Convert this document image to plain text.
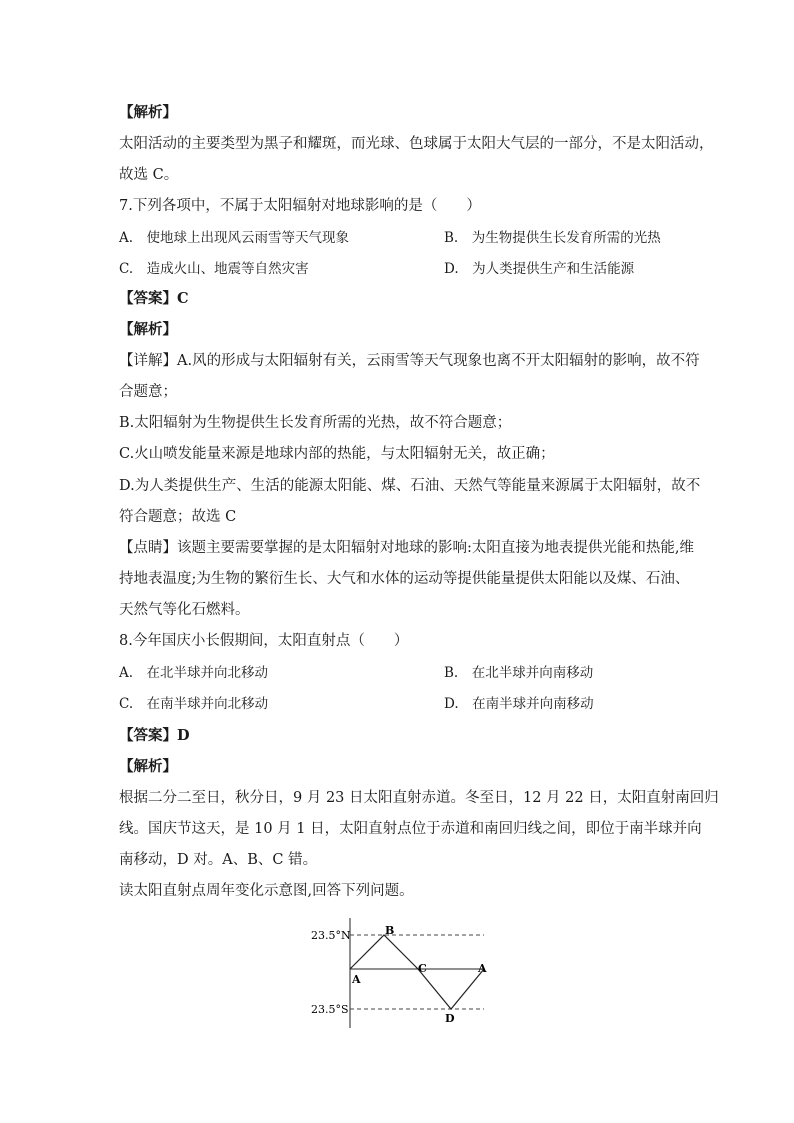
【解析】
太阳活动的主要类型为黑子和耀斑，而光球、色球属于太阳大气层的一部分，不是太阳活动，
故选 C。
7.下列各项中，不属于太阳辐射对地球影响的是（　　）
A.　使地球上出现风云雨雪等天气现象	B.　为生物提供生长发育所需的光热
C.　造成火山、地震等自然灾害	D.　为人类提供生产和生活能源
【答案】C
【解析】
【详解】A.风的形成与太阳辐射有关，云雨雪等天气现象也离不开太阳辐射的影响，故不符
合题意；
B.太阳辐射为生物提供生长发育所需的光热，故不符合题意；
C.火山喷发能量来源是地球内部的热能，与太阳辐射无关，故正确；
D.为人类提供生产、生活的能源太阳能、煤、石油、天然气等能量来源属于太阳辐射，故不
符合题意；故选 C
【点睛】该题主要需要掌握的是太阳辐射对地球的影响:太阳直接为地表提供光能和热能,维
持地表温度;为生物的繁衍生长、大气和水体的运动等提供能量提供太阳能以及煤、石油、
天然气等化石燃料。
8.今年国庆小长假期间，太阳直射点（　　）
A.　在北半球并向北移动	B.　在北半球并向南移动
C.　在南半球并向北移动	D.　在南半球并向南移动
【答案】D
【解析】
根据二分二至日，秋分日，9 月 23 日太阳直射赤道。冬至日，12 月 22 日，太阳直射南回归
线。国庆节这天，是 10 月 1 日，太阳直射点位于赤道和南回归线之间，即位于南半球并向
南移动，D 对。A、B、C 错。
读太阳直射点周年变化示意图,回答下列问题。
23.5°N
23.5°S
A
B
C
D
A
